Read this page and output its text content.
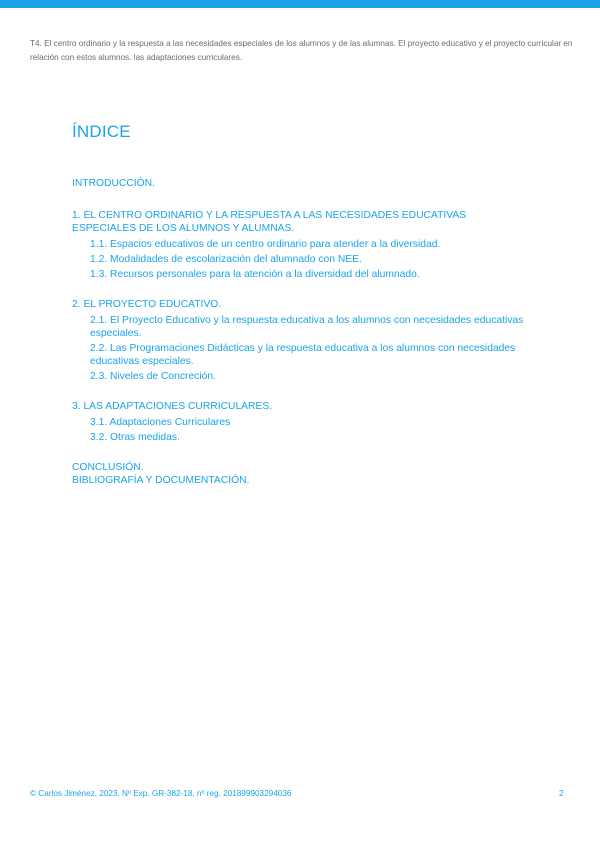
T4. El centro ordinario y la respuesta a las necesidades especiales de los alumnos y de las alumnas. El proyecto educativo y el proyecto curricular en relación con estos alumnos. las adaptaciones curriculares.
ÍNDICE
INTRODUCCIÓN.
1. EL CENTRO ORDINARIO Y LA RESPUESTA A LAS NECESIDADES EDUCATIVAS ESPECIALES DE LOS ALUMNOS Y ALUMNAS.
1.1. Espacios educativos de un centro ordinario para atender a la diversidad.
1.2. Modalidades de escolarización del alumnado con NEE.
1.3. Recursos personales para la atención a la diversidad del alumnado.
2. EL PROYECTO EDUCATIVO.
2.1. El Proyecto Educativo y la respuesta educativa a los alumnos con necesidades educativas especiales.
2.2. Las Programaciones Didácticas y la respuesta educativa a los alumnos con necesidades educativas especiales.
2.3. Niveles de Concreción.
3. LAS ADAPTACIONES CURRICULARES.
3.1. Adaptaciones Curriculares
3.2. Otras medidas.
CONCLUSIÓN.
BIBLIOGRAFÍA Y DOCUMENTACIÓN.
© Carlos Jiménez, 2023. Nº Exp. GR-382-18, nº reg. 201899903294036	2
